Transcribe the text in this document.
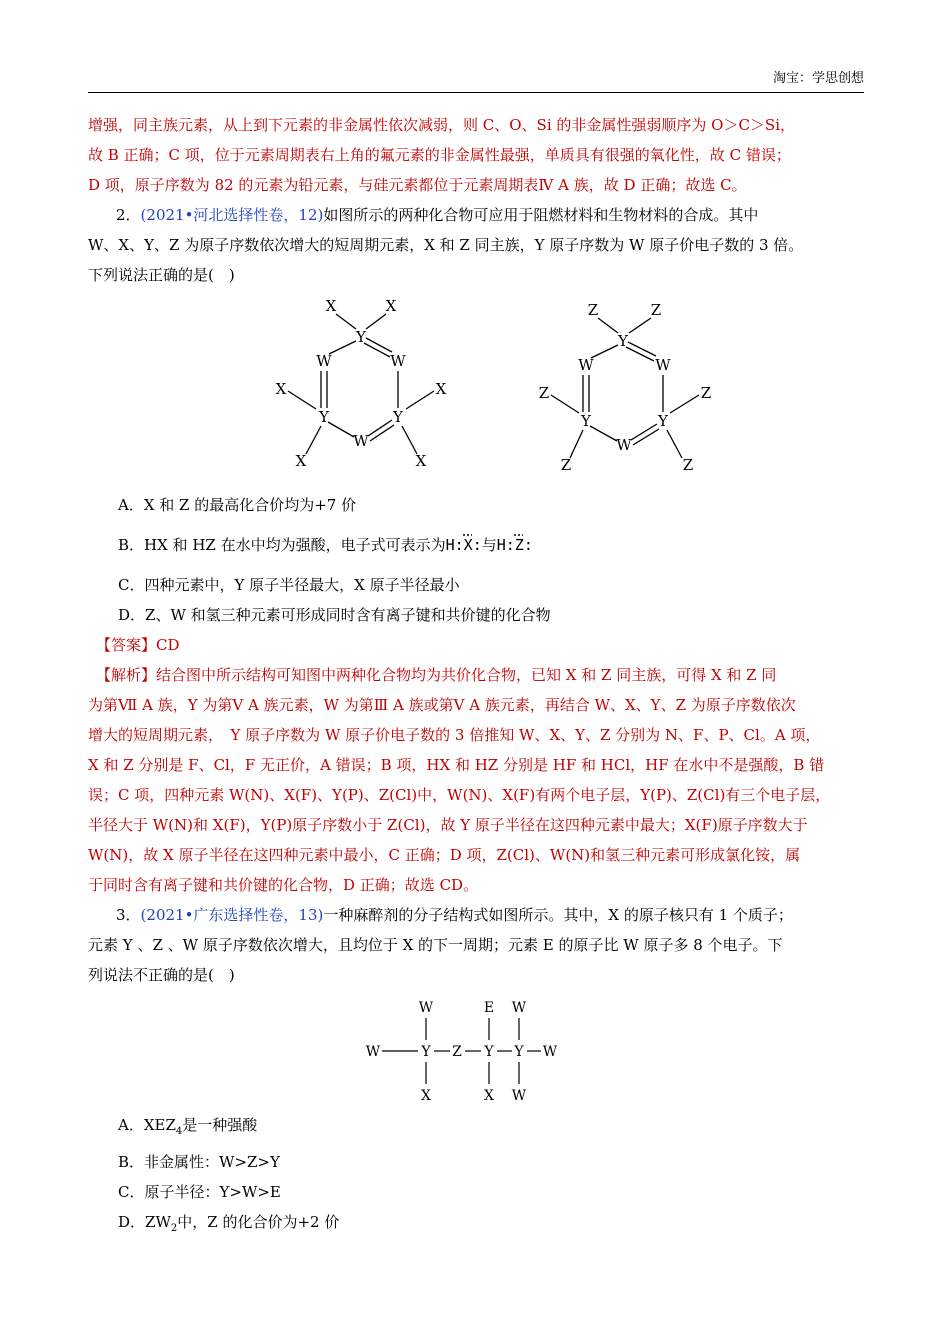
淘宝：学思创想

增强，同主族元素，从上到下元素的非金属性依次减弱，则 C、O、Si 的非金属性强弱顺序为 O＞C＞Si，

故 B 正确；C 项，位于元素周期表右上角的氟元素的非金属性最强，单质具有很强的氧化性，故 C 错误；

D 项，原子序数为 82 的元素为铅元素，与硅元素都位于元素周期表Ⅳ A 族，故 D 正确；故选 C。

2．(2021•河北选择性卷，12)如图所示的两种化合物可应用于阻燃材料和生物材料的合成。其中

W、X、Y、Z 为原子序数依次增大的短周期元素，X 和 Z 同主族，Y 原子序数为 W 原子价电子数的 3 倍。

下列说法正确的是(　)

Y
W	W
Y	Y
W
X	X
X
X
X
X
Y
W	W
Y	Y
W
Z	Z
Z
Z
Z
Z

A．X 和 Z 的最高化合价均为+7 价

B．HX 和 HZ 在水中均为强酸，电子式可表示为H:X:与H:Z:

C．四种元素中，Y 原子半径最大，X 原子半径最小

D．Z、W 和氢三种元素可形成同时含有离子键和共价键的化合物

【答案】CD

【解析】结合图中所示结构可知图中两种化合物均为共价化合物，已知 X 和 Z 同主族，可得 X 和 Z 同

为第Ⅶ A 族，Y 为第Ⅴ A 族元素，W 为第Ⅲ A 族或第Ⅴ A 族元素，再结合 W、X、Y、Z 为原子序数依次

增大的短周期元素，　Y 原子序数为 W 原子价电子数的 3 倍推知 W、X、Y、Z 分别为 N、F、P、Cl。A 项，

X 和 Z 分别是 F、Cl，F 无正价，A 错误；B 项，HX 和 HZ 分别是 HF 和 HCl，HF 在水中不是强酸，B 错

误；C 项，四种元素 W(N)、X(F)、Y(P)、Z(Cl)中，W(N)、X(F)有两个电子层，Y(P)、Z(Cl)有三个电子层，

半径大于 W(N)和 X(F)，Y(P)原子序数小于 Z(Cl)，故 Y 原子半径在这四种元素中最大；X(F)原子序数大于

W(N)，故 X 原子半径在这四种元素中最小，C 正确；D 项，Z(Cl)、W(N)和氢三种元素可形成氯化铵，属

于同时含有离子键和共价键的化合物，D 正确；故选 CD。

3．(2021•广东选择性卷，13)一种麻醉剂的分子结构式如图所示。其中，X 的原子核只有 1 个质子；

元素 Y 、Z 、W 原子序数依次增大，且均位于 X 的下一周期；元素 E 的原子比 W 原子多 8 个电子。下

列说法不正确的是(　)

W	E W
W	Y Z Y Y W
X	X W

A．$XEZ_4$是一种强酸

B．非金属性：W>Z>Y

C．原子半径：Y>W>E

D．$ZW_2$中，Z 的化合价为+2 价
